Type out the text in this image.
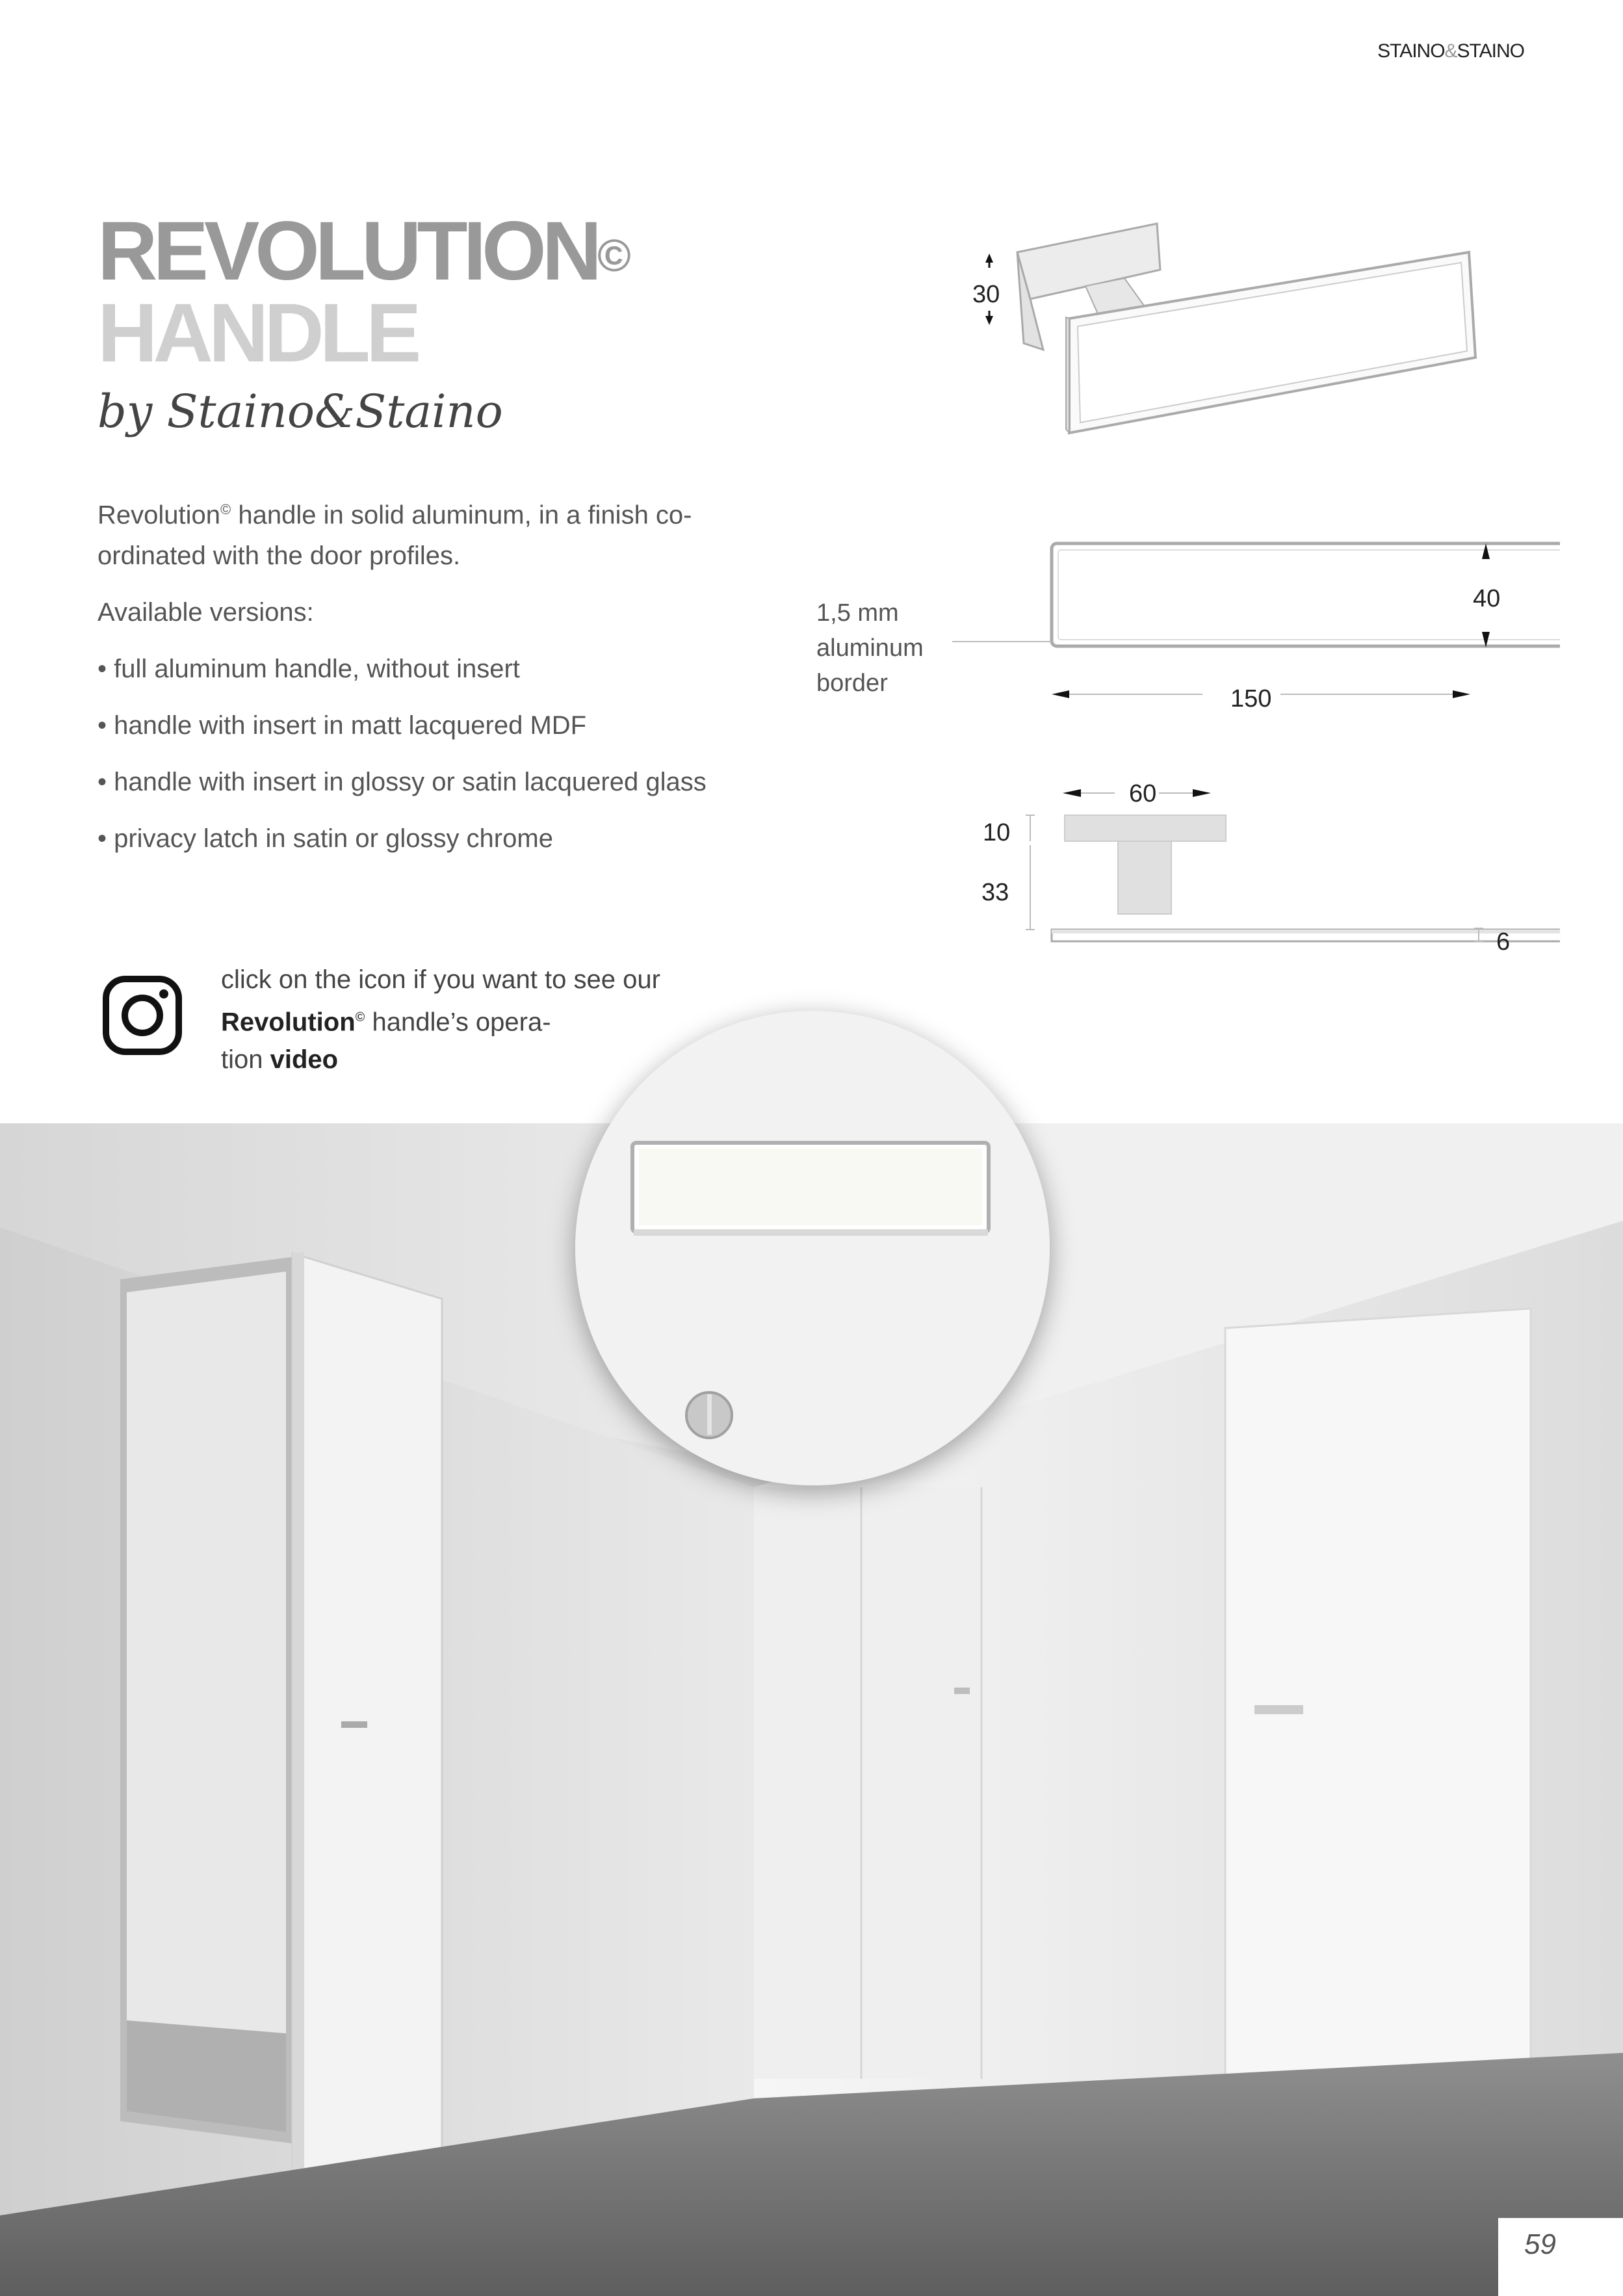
STAINO&STAINO
REVOLUTION©
HANDLE
by Staino&Staino

Revolution© handle in solid aluminum, in a finish co-ordinated with the door profiles.

Available versions:

• full aluminum handle, without insert

• handle with insert in matt lacquered MDF

• handle with insert in glossy or satin lacquered glass

• privacy latch in satin or glossy chrome

click on the icon if you want to see our
Revolution© handle’s opera-
tion video
30
40
150
1,5 mm
aluminum
border
60
10
33
6
59
